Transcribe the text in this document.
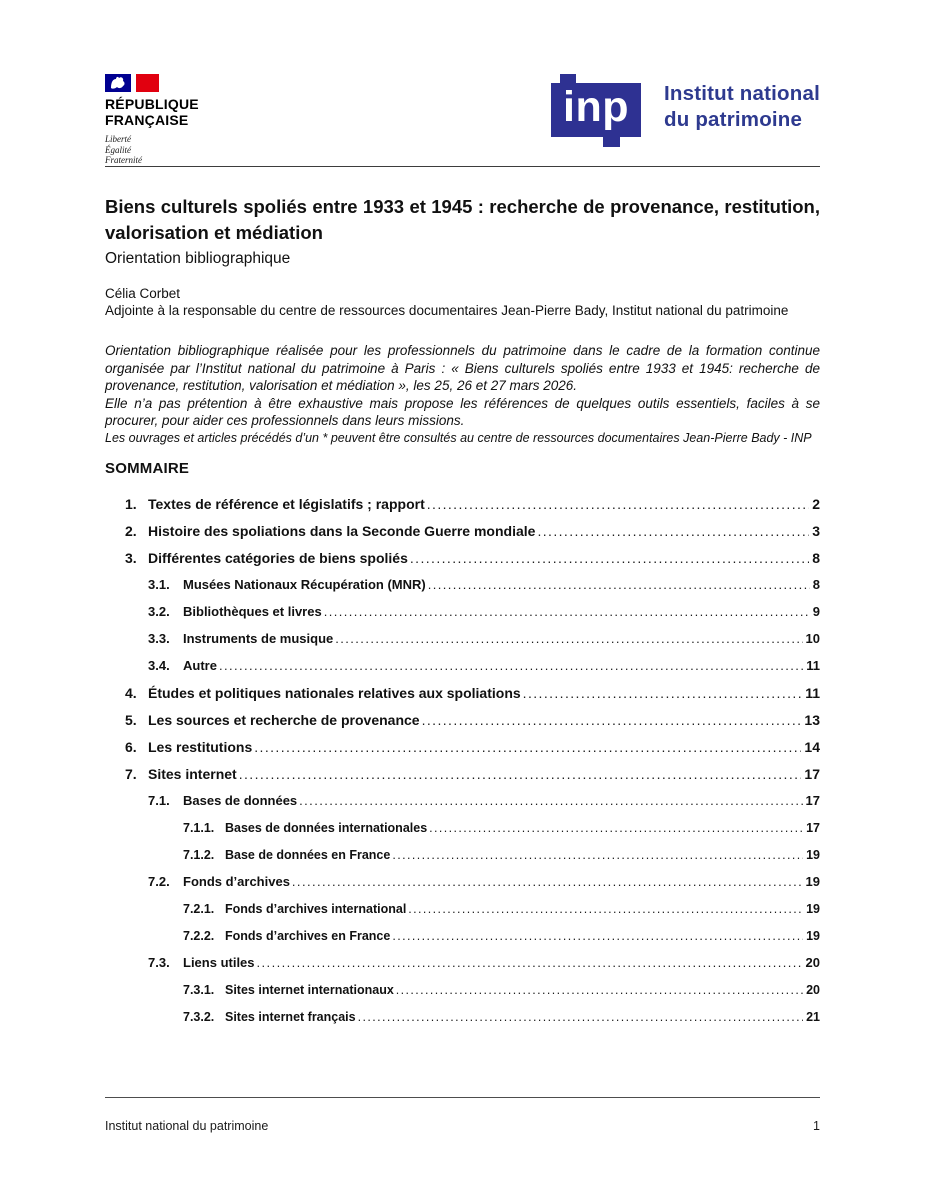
RÉPUBLIQUE
FRANÇAISE
Liberté
Égalité
Fraternité
inp	Institut national
du patrimoine
Biens culturels spoliés entre 1933 et 1945 : recherche de provenance, restitution, valorisation et médiation
Orientation bibliographique
Célia Corbet
Adjointe à la responsable du centre de ressources documentaires Jean-Pierre Bady, Institut national du patrimoine

Orientation bibliographique réalisée pour les professionnels du patrimoine dans le cadre de la formation continue organisée par l’Institut national du patrimoine à Paris : « Biens culturels spoliés entre 1933 et 1945: recherche de provenance, restitution, valorisation et médiation », les 25, 26 et 27 mars 2026.

Elle n’a pas prétention à être exhaustive mais propose les références de quelques outils essentiels, faciles à se procurer, pour aider ces professionnels dans leurs missions.

Les ouvrages et articles précédés d’un * peuvent être consultés au centre de ressources documentaires Jean-Pierre Bady - INP

SOMMAIRE
1. Textes de référence et législatifs ; rapport .....	2
2. Histoire des spoliations dans la Seconde Guerre mondiale .....	3
3. Différentes catégories de biens spoliés .....	8
3.1.	Musées Nationaux Récupération (MNR) .....	8
3.2.	Bibliothèques et livres .....	9
3.3.	Instruments de musique .....	10
3.4.	Autre .....	11
4. Études et politiques nationales relatives aux spoliations .....	11
5. Les sources et recherche de provenance .....	13
6. Les restitutions .....	14
7. Sites internet .....	17
7.1.	Bases de données .....	17
7.1.1. Bases de données internationales .....	17
7.1.2. Base de données en France .....	19
7.2.	Fonds d’archives .....	19
7.2.1. Fonds d’archives international .....	19
7.2.2. Fonds d’archives en France .....	19
7.3.	Liens utiles .....	20
7.3.1. Sites internet internationaux .....	20
7.3.2. Sites internet français .....	21
Institut national du patrimoine	1
